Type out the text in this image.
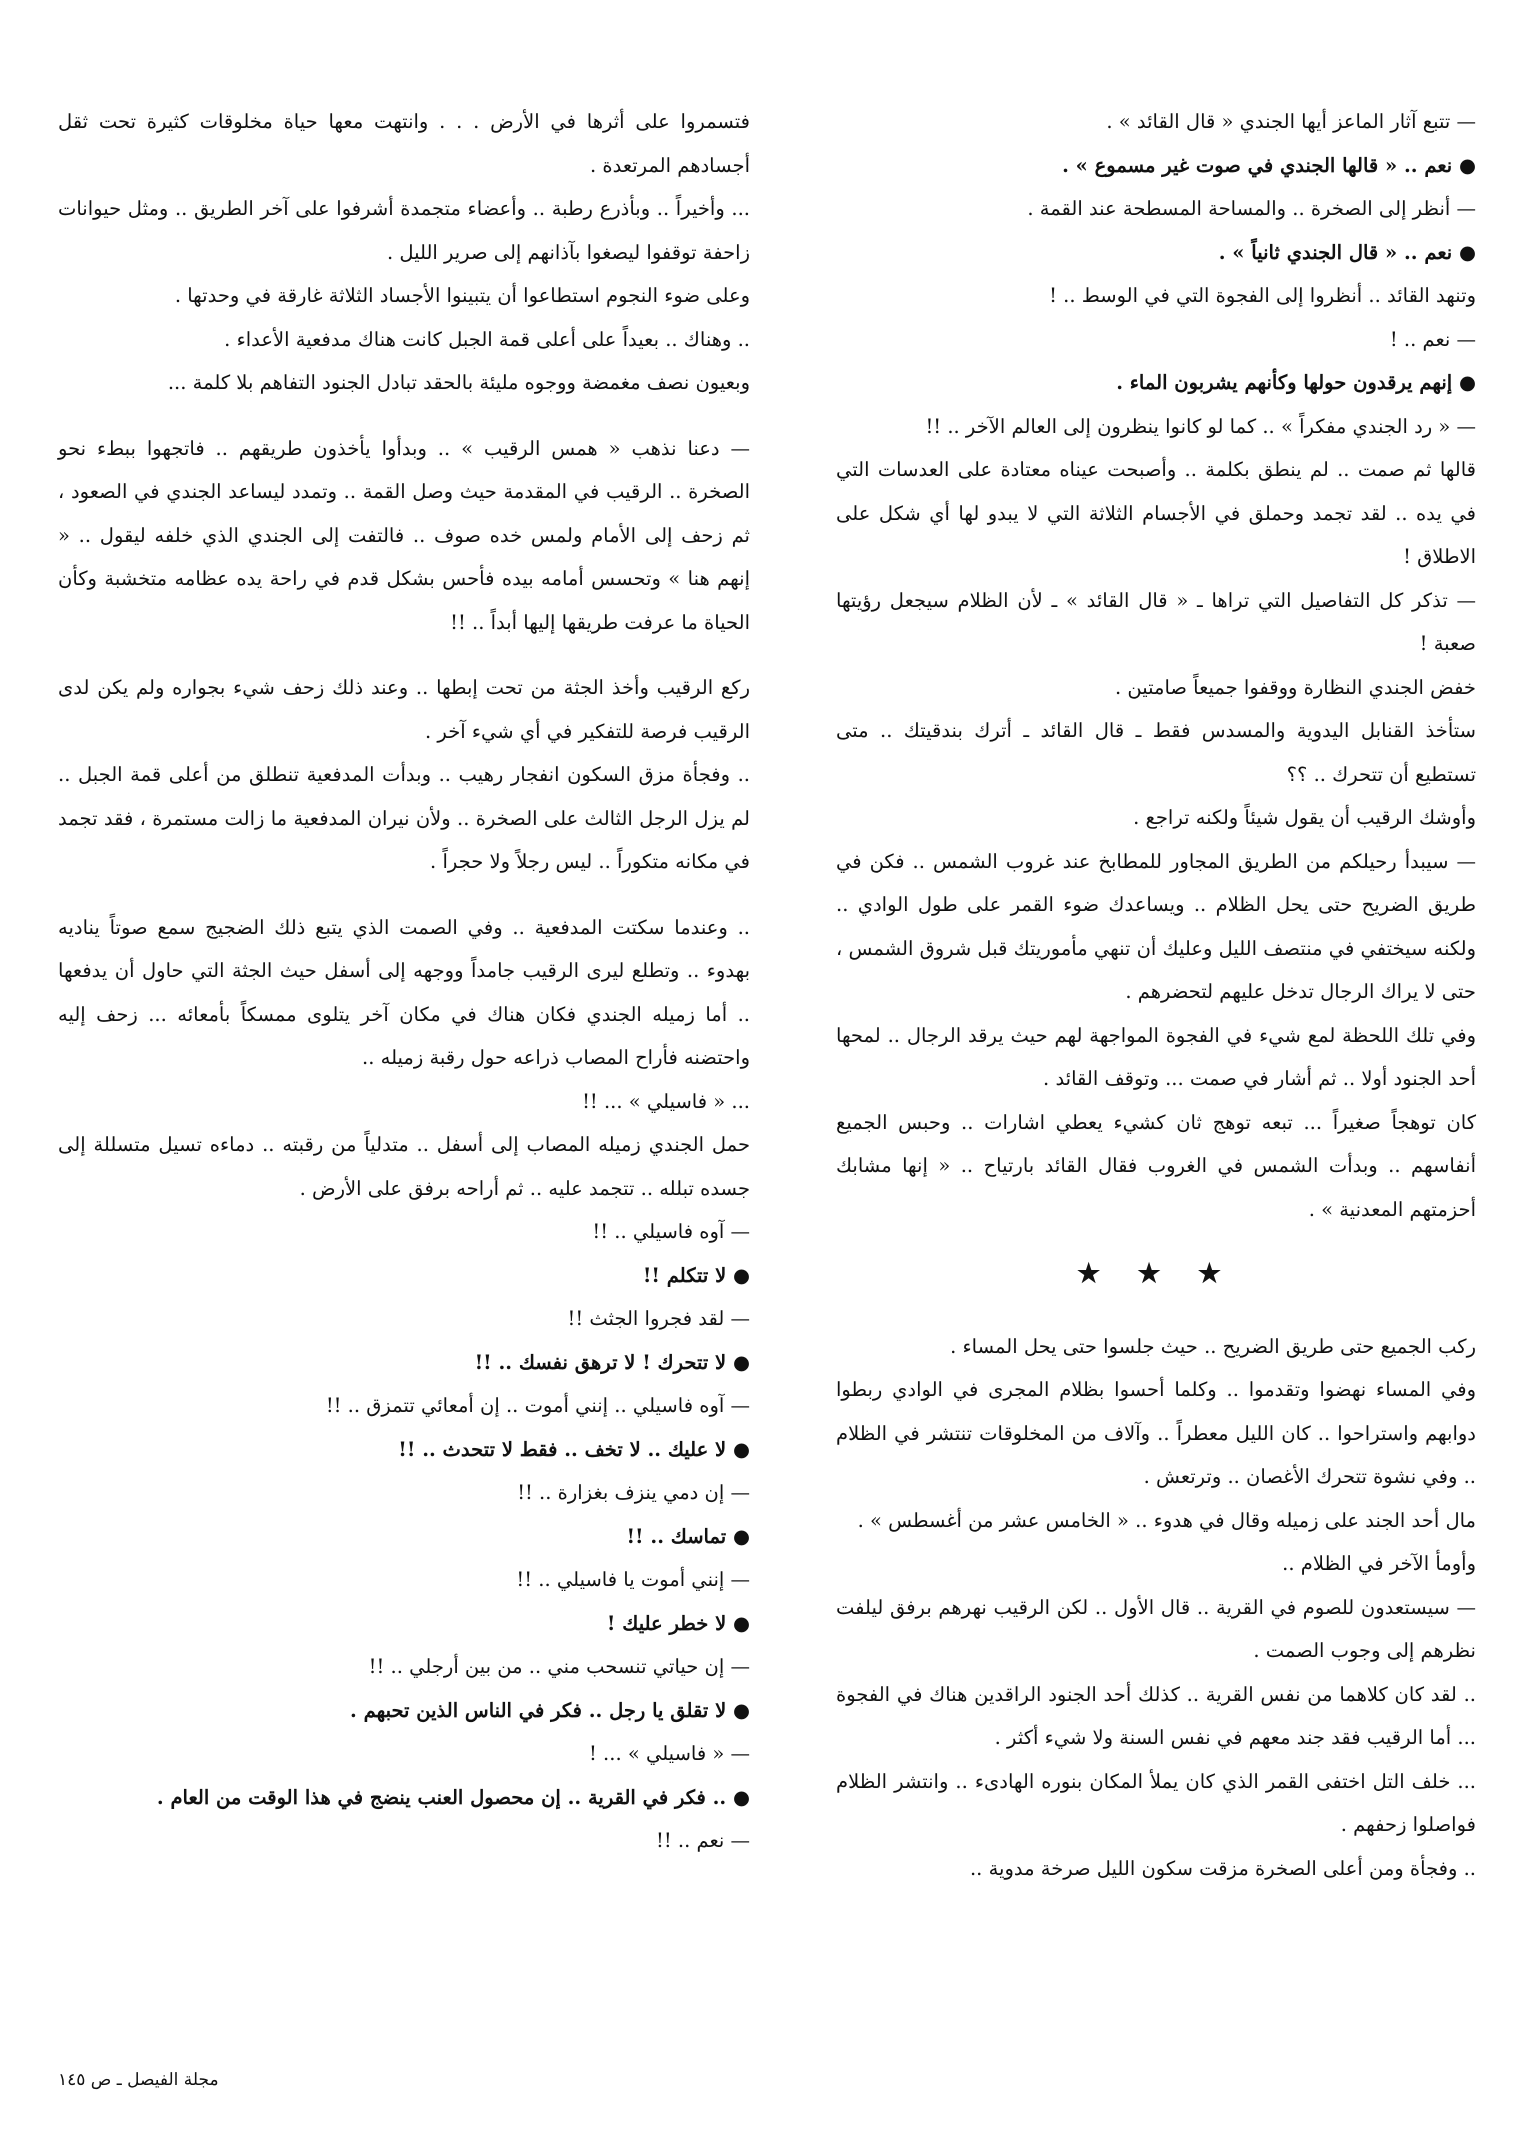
فتسمروا على أثرها في الأرض . . . وانتهت معها حياة مخلوقات كثيرة تحت ثقل أجسادهم المرتعدة .

... وأخيراً .. وبأذرع رطبة .. وأعضاء متجمدة أشرفوا على آخر الطريق .. ومثل حيوانات زاحفة توقفوا ليصغوا بآذانهم إلى صرير الليل .

وعلى ضوء النجوم استطاعوا أن يتبينوا الأجساد الثلاثة غارقة في وحدتها .

.. وهناك .. بعيداً على أعلى قمة الجبل كانت هناك مدفعية الأعداء .

وبعيون نصف مغمضة ووجوه مليئة بالحقد تبادل الجنود التفاهم بلا كلمة ...

— دعنا نذهب « همس الرقيب » .. وبدأوا يأخذون طريقهم .. فاتجهوا ببطء نحو الصخرة .. الرقيب في المقدمة حيث وصل القمة .. وتمدد ليساعد الجندي في الصعود ، ثم زحف إلى الأمام ولمس خده صوف .. فالتفت إلى الجندي الذي خلفه ليقول .. « إنهم هنا » وتحسس أمامه بيده فأحس بشكل قدم في راحة يده عظامه متخشبة وكأن الحياة ما عرفت طريقها إليها أبداً .. !!

ركع الرقيب وأخذ الجثة من تحت إبطها .. وعند ذلك زحف شيء بجواره ولم يكن لدى الرقيب فرصة للتفكير في أي شيء آخر .

.. وفجأة مزق السكون انفجار رهيب .. وبدأت المدفعية تنطلق من أعلى قمة الجبل .. لم يزل الرجل الثالث على الصخرة .. ولأن نيران المدفعية ما زالت مستمرة ، فقد تجمد في مكانه متكوراً .. ليس رجلاً ولا حجراً .

.. وعندما سكتت المدفعية .. وفي الصمت الذي يتبع ذلك الضجيج سمع صوتاً يناديه بهدوء .. وتطلع ليرى الرقيب جامداً ووجهه إلى أسفل حيث الجثة التي حاول أن يدفعها .. أما زميله الجندي فكان هناك في مكان آخر يتلوى ممسكاً بأمعائه ... زحف إليه واحتضنه فأراح المصاب ذراعه حول رقبة زميله ..

... « فاسيلي » ... !!

حمل الجندي زميله المصاب إلى أسفل .. متدلياً من رقبته .. دماءه تسيل متسللة إلى جسده تبلله .. تتجمد عليه .. ثم أراحه برفق على الأرض .

— آوه فاسيلي .. !!

● لا تتكلم !!

— لقد فجروا الجثث !!

● لا تتحرك ! لا ترهق نفسك .. !!

— آوه فاسيلي .. إنني أموت .. إن أمعائي تتمزق .. !!

● لا عليك .. لا تخف .. فقط لا تتحدث .. !!

— إن دمي ينزف بغزارة .. !!

● تماسك .. !!

— إنني أموت يا فاسيلي .. !!

● لا خطر عليك !

— إن حياتي تنسحب مني .. من بين أرجلي .. !!

● لا تقلق يا رجل .. فكر في الناس الذين تحبهم .

— « فاسيلي » ... !

● .. فكر في القرية .. إن محصول العنب ينضج في هذا الوقت من العام .

— نعم .. !!

— تتبع آثار الماعز أيها الجندي « قال القائد » .

● نعم .. « قالها الجندي في صوت غير مسموع » .

— أنظر إلى الصخرة .. والمساحة المسطحة عند القمة .

● نعم .. « قال الجندي ثانياً » .

وتنهد القائد .. أنظروا إلى الفجوة التي في الوسط .. !

— نعم .. !

● إنهم يرقدون حولها وكأنهم يشربون الماء .

— « رد الجندي مفكراً » .. كما لو كانوا ينظرون إلى العالم الآخر .. !!

قالها ثم صمت .. لم ينطق بكلمة .. وأصبحت عيناه معتادة على العدسات التي في يده .. لقد تجمد وحملق في الأجسام الثلاثة التي لا يبدو لها أي شكل على الاطلاق !

— تذكر كل التفاصيل التي تراها ـ « قال القائد » ـ لأن الظلام سيجعل رؤيتها صعبة !

خفض الجندي النظارة ووقفوا جميعاً صامتين .

ستأخذ القنابل اليدوية والمسدس فقط ـ قال القائد ـ أترك بندقيتك .. متى تستطيع أن تتحرك .. ؟؟

وأوشك الرقيب أن يقول شيئاً ولكنه تراجع .

— سيبدأ رحيلكم من الطريق المجاور للمطابخ عند غروب الشمس .. فكن في طريق الضريح حتى يحل الظلام .. ويساعدك ضوء القمر على طول الوادي .. ولكنه سيختفي في منتصف الليل وعليك أن تنهي مأموريتك قبل شروق الشمس ، حتى لا يراك الرجال تدخل عليهم لتحضرهم .

وفي تلك اللحظة لمع شيء في الفجوة المواجهة لهم حيث يرقد الرجال .. لمحها أحد الجنود أولا .. ثم أشار في صمت ... وتوقف القائد .

كان توهجاً صغيراً ... تبعه توهج ثان كشيء يعطي اشارات .. وحبس الجميع أنفاسهم .. وبدأت الشمس في الغروب فقال القائد بارتياح .. « إنها مشابك أحزمتهم المعدنية » .

★ ★ ★

ركب الجميع حتى طريق الضريح .. حيث جلسوا حتى يحل المساء .

وفي المساء نهضوا وتقدموا .. وكلما أحسوا بظلام المجرى في الوادي ربطوا دوابهم واستراحوا .. كان الليل معطراً .. وآلاف من المخلوقات تنتشر في الظلام .. وفي نشوة تتحرك الأغصان .. وترتعش .

مال أحد الجند على زميله وقال في هدوء .. « الخامس عشر من أغسطس » .

وأومأ الآخر في الظلام ..

— سيستعدون للصوم في القرية .. قال الأول .. لكن الرقيب نهرهم برفق ليلفت نظرهم إلى وجوب الصمت .

.. لقد كان كلاهما من نفس القرية .. كذلك أحد الجنود الراقدين هناك في الفجوة ... أما الرقيب فقد جند معهم في نفس السنة ولا شيء أكثر .

... خلف التل اختفى القمر الذي كان يملأ المكان بنوره الهادىء .. وانتشر الظلام فواصلوا زحفهم .

.. وفجأة ومن أعلى الصخرة مزقت سكون الليل صرخة مدوية ..

مجلة الفيصل ـ ص ١٤٥
